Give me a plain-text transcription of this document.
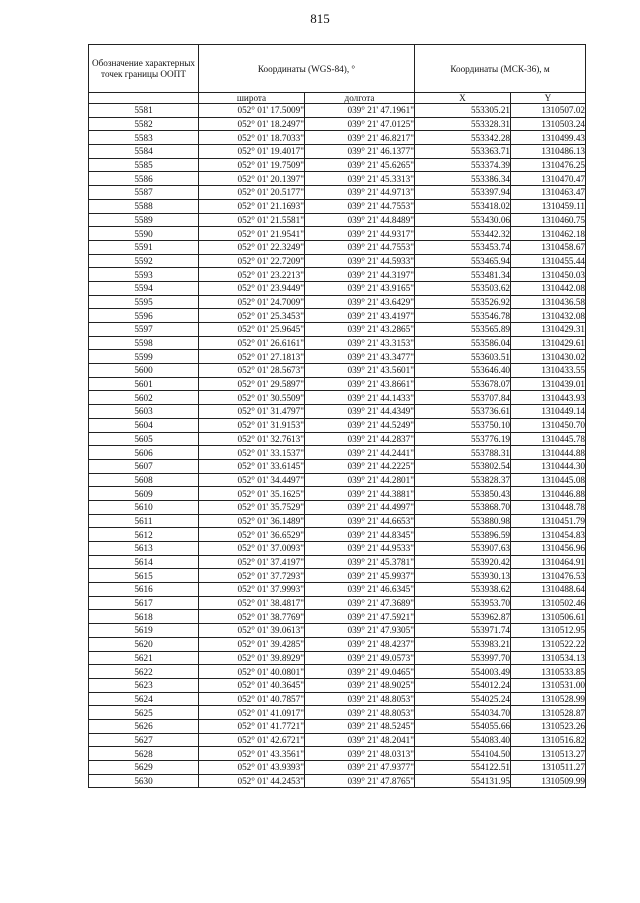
815
Обозначение характерных точек границы ООПТ	Координаты (WGS-84), °		Координаты (МСК-36), м	

	широта	долгота	X	Y
5581	052° 01' 17.5009"	039° 21' 47.1961"	553305.21	1310507.02
5582	052° 01' 18.2497"	039° 21' 47.0125"	553328.31	1310503.24
5583	052° 01' 18.7033"	039° 21' 46.8217"	553342.28	1310499.43
5584	052° 01' 19.4017"	039° 21' 46.1377"	553363.71	1310486.13
5585	052° 01' 19.7509"	039° 21' 45.6265"	553374.39	1310476.25
5586	052° 01' 20.1397"	039° 21' 45.3313"	553386.34	1310470.47
5587	052° 01' 20.5177"	039° 21' 44.9713"	553397.94	1310463.47
5588	052° 01' 21.1693"	039° 21' 44.7553"	553418.02	1310459.11
5589	052° 01' 21.5581"	039° 21' 44.8489"	553430.06	1310460.75
5590	052° 01' 21.9541"	039° 21' 44.9317"	553442.32	1310462.18
5591	052° 01' 22.3249"	039° 21' 44.7553"	553453.74	1310458.67
5592	052° 01' 22.7209"	039° 21' 44.5933"	553465.94	1310455.44
5593	052° 01' 23.2213"	039° 21' 44.3197"	553481.34	1310450.03
5594	052° 01' 23.9449"	039° 21' 43.9165"	553503.62	1310442.08
5595	052° 01' 24.7009"	039° 21' 43.6429"	553526.92	1310436.58
5596	052° 01' 25.3453"	039° 21' 43.4197"	553546.78	1310432.08
5597	052° 01' 25.9645"	039° 21' 43.2865"	553565.89	1310429.31
5598	052° 01' 26.6161"	039° 21' 43.3153"	553586.04	1310429.61
5599	052° 01' 27.1813"	039° 21' 43.3477"	553603.51	1310430.02
5600	052° 01' 28.5673"	039° 21' 43.5601"	553646.40	1310433.55
5601	052° 01' 29.5897"	039° 21' 43.8661"	553678.07	1310439.01
5602	052° 01' 30.5509"	039° 21' 44.1433"	553707.84	1310443.93
5603	052° 01' 31.4797"	039° 21' 44.4349"	553736.61	1310449.14
5604	052° 01' 31.9153"	039° 21' 44.5249"	553750.10	1310450.70
5605	052° 01' 32.7613"	039° 21' 44.2837"	553776.19	1310445.78
5606	052° 01' 33.1537"	039° 21' 44.2441"	553788.31	1310444.88
5607	052° 01' 33.6145"	039° 21' 44.2225"	553802.54	1310444.30
5608	052° 01' 34.4497"	039° 21' 44.2801"	553828.37	1310445.08
5609	052° 01' 35.1625"	039° 21' 44.3881"	553850.43	1310446.88
5610	052° 01' 35.7529"	039° 21' 44.4997"	553868.70	1310448.78
5611	052° 01' 36.1489"	039° 21' 44.6653"	553880.98	1310451.79
5612	052° 01' 36.6529"	039° 21' 44.8345"	553896.59	1310454.83
5613	052° 01' 37.0093"	039° 21' 44.9533"	553907.63	1310456.96
5614	052° 01' 37.4197"	039° 21' 45.3781"	553920.42	1310464.91
5615	052° 01' 37.7293"	039° 21' 45.9937"	553930.13	1310476.53
5616	052° 01' 37.9993"	039° 21' 46.6345"	553938.62	1310488.64
5617	052° 01' 38.4817"	039° 21' 47.3689"	553953.70	1310502.46
5618	052° 01' 38.7769"	039° 21' 47.5921"	553962.87	1310506.61
5619	052° 01' 39.0613"	039° 21' 47.9305"	553971.74	1310512.95
5620	052° 01' 39.4285"	039° 21' 48.4237"	553983.21	1310522.22
5621	052° 01' 39.8929"	039° 21' 49.0573"	553997.70	1310534.13
5622	052° 01' 40.0801"	039° 21' 49.0465"	554003.49	1310533.85
5623	052° 01' 40.3645"	039° 21' 48.9025"	554012.24	1310531.00
5624	052° 01' 40.7857"	039° 21' 48.8053"	554025.24	1310528.99
5625	052° 01' 41.0917"	039° 21' 48.8053"	554034.70	1310528.87
5626	052° 01' 41.7721"	039° 21' 48.5245"	554055.66	1310523.26
5627	052° 01' 42.6721"	039° 21' 48.2041"	554083.40	1310516.82
5628	052° 01' 43.3561"	039° 21' 48.0313"	554104.50	1310513.27
5629	052° 01' 43.9393"	039° 21' 47.9377"	554122.51	1310511.27
5630	052° 01' 44.2453"	039° 21' 47.8765"	554131.95	1310509.99
